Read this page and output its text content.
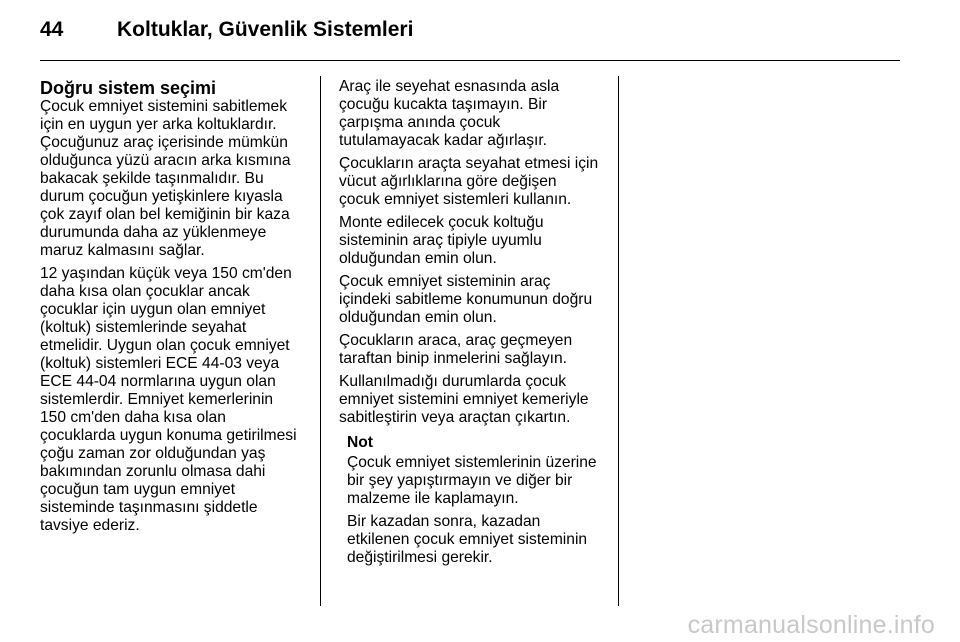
44	Koltuklar, Güvenlik Sistemleri
Doğru sistem seçimi

Çocuk emniyet sistemini sabitlemek
için en uygun yer arka koltuklardır.
Çocuğunuz araç içerisinde mümkün
olduğunca yüzü aracın arka kısmına
bakacak şekilde taşınmalıdır. Bu
durum çocuğun yetişkinlere kıyasla
çok zayıf olan bel kemiğinin bir kaza
durumunda daha az yüklenmeye
maruz kalmasını sağlar.

12 yaşından küçük veya 150 cm'den
daha kısa olan çocuklar ancak
çocuklar için uygun olan emniyet
(koltuk) sistemlerinde seyahat
etmelidir. Uygun olan çocuk emniyet
(koltuk) sistemleri ECE 44-03 veya
ECE 44-04 normlarına uygun olan
sistemlerdir. Emniyet kemerlerinin
150 cm'den daha kısa olan
çocuklarda uygun konuma getirilmesi
çoğu zaman zor olduğundan yaş
bakımından zorunlu olmasa dahi
çocuğun tam uygun emniyet
sisteminde taşınmasını şiddetle
tavsiye ederiz.

Araç ile seyehat esnasında asla
çocuğu kucakta taşımayın. Bir
çarpışma anında çocuk
tutulamayacak kadar ağırlaşır.

Çocukların araçta seyahat etmesi için
vücut ağırlıklarına göre değişen
çocuk emniyet sistemleri kullanın.

Monte edilecek çocuk koltuğu
sisteminin araç tipiyle uyumlu
olduğundan emin olun.

Çocuk emniyet sisteminin araç
içindeki sabitleme konumunun doğru
olduğundan emin olun.

Çocukların araca, araç geçmeyen
taraftan binip inmelerini sağlayın.

Kullanılmadığı durumlarda çocuk
emniyet sistemini emniyet kemeriyle
sabitleştirin veya araçtan çıkartın.

Not

Çocuk emniyet sistemlerinin üzerine
bir şey yapıştırmayın ve diğer bir
malzeme ile kaplamayın.

Bir kazadan sonra, kazadan
etkilenen çocuk emniyet sisteminin
değiştirilmesi gerekir.

carmanualsonline.info
